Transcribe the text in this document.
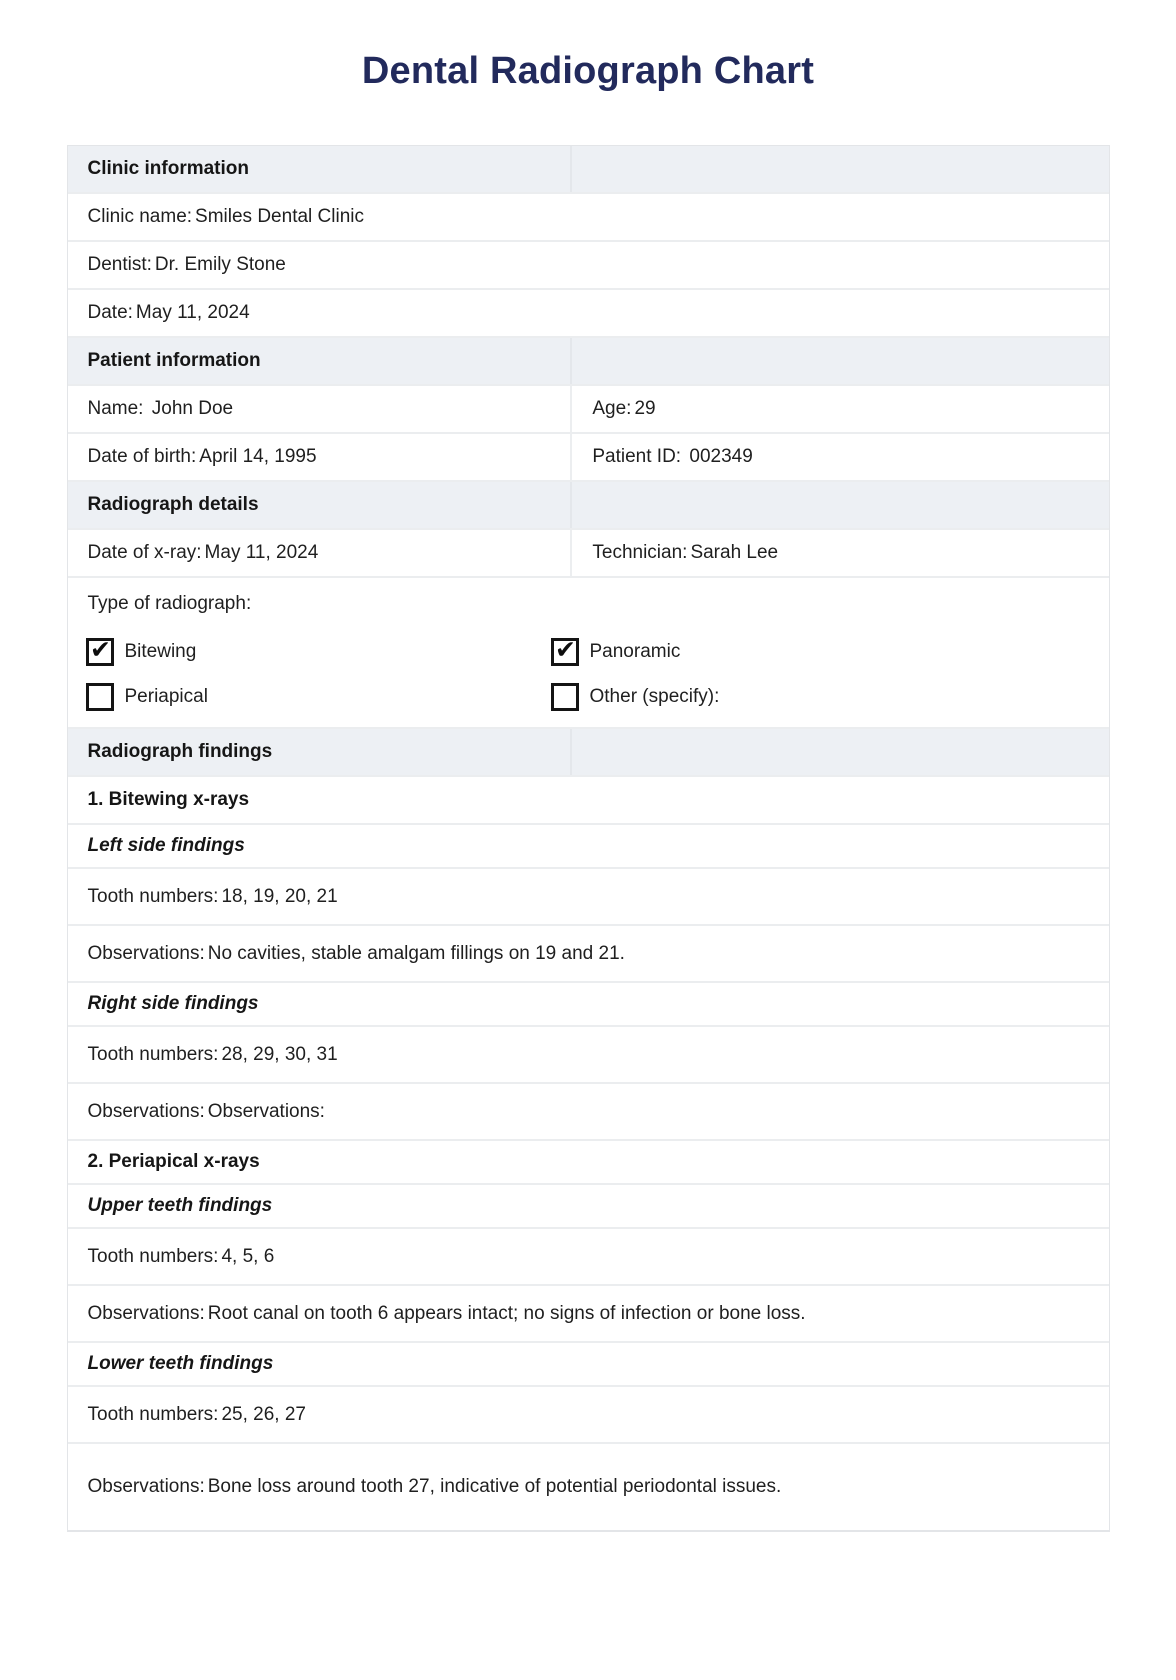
Dental Radiograph Chart
Clinic information
Clinic name: Smiles Dental Clinic
Dentist: Dr. Emily Stone
Date: May 11, 2024
Patient information
Name: John Doe	Age: 29
Date of birth: April 14, 1995	Patient ID: 002349
Radiograph details
Date of x-ray: May 11, 2024	Technician: Sarah Lee
Type of radiograph:
✔ Bitewing	✔ Panoramic
Periapical	Other (specify):
Radiograph findings
1. Bitewing x-rays
Left side findings
Tooth numbers: 18, 19, 20, 21
Observations: No cavities, stable amalgam fillings on 19 and 21.
Right side findings
Tooth numbers: 28, 29, 30, 31
Observations: Observations:
2. Periapical x-rays
Upper teeth findings
Tooth numbers: 4, 5, 6
Observations: Root canal on tooth 6 appears intact; no signs of infection or bone loss.
Lower teeth findings
Tooth numbers: 25, 26, 27
Observations: Bone loss around tooth 27, indicative of potential periodontal issues.
